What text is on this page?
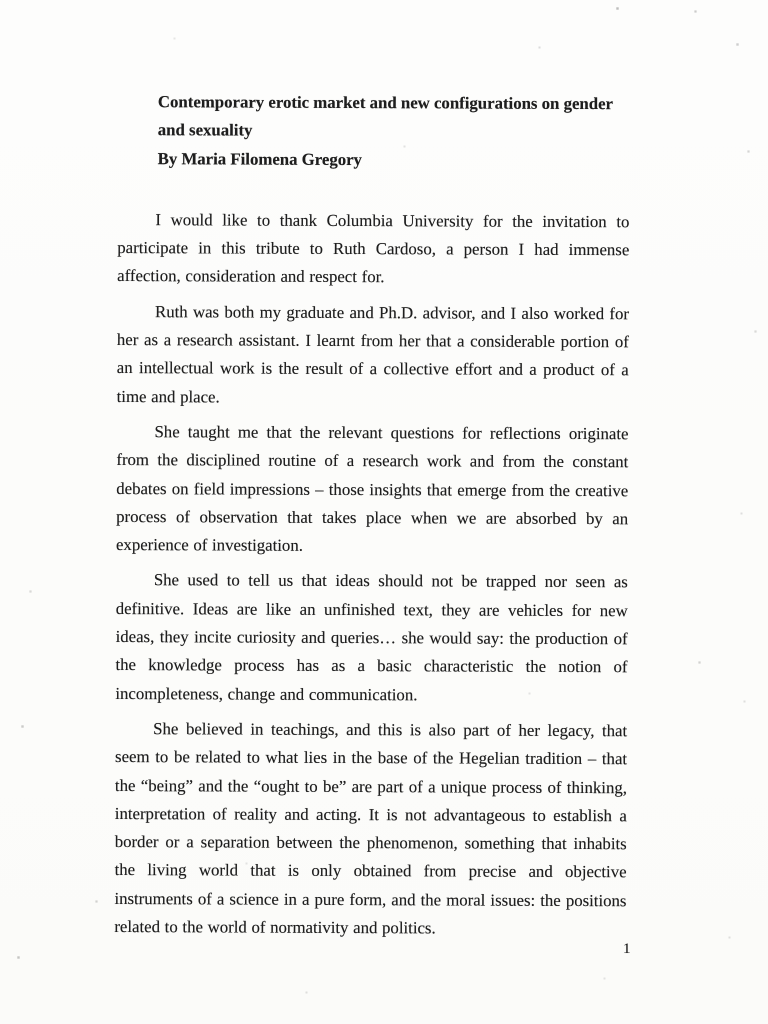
Contemporary erotic market and new configurations on gender
and sexuality
By Maria Filomena Gregory

I would like to thank Columbia University for the invitation to participate in this tribute to Ruth Cardoso, a person I had immense affection, consideration and respect for.

Ruth was both my graduate and Ph.D. advisor, and I also worked for her as a research assistant. I learnt from her that a considerable portion of an intellectual work is the result of a collective effort and a product of a time and place.

She taught me that the relevant questions for reflections originate from the disciplined routine of a research work and from the constant debates on field impressions – those insights that emerge from the creative process of observation that takes place when we are absorbed by an experience of investigation.

She used to tell us that ideas should not be trapped nor seen as definitive. Ideas are like an unfinished text, they are vehicles for new ideas, they incite curiosity and queries… she would say: the production of the knowledge process has as a basic characteristic the notion of incompleteness, change and communication.

She believed in teachings, and this is also part of her legacy, that seem to be related to what lies in the base of the Hegelian tradition – that the “being” and the “ought to be” are part of a unique process of thinking, interpretation of reality and acting. It is not advantageous to establish a border or a separation between the phenomenon, something that inhabits the living world that is only obtained from precise and objective instruments of a science in a pure form, and the moral issues: the positions related to the world of normativity and politics.

1
